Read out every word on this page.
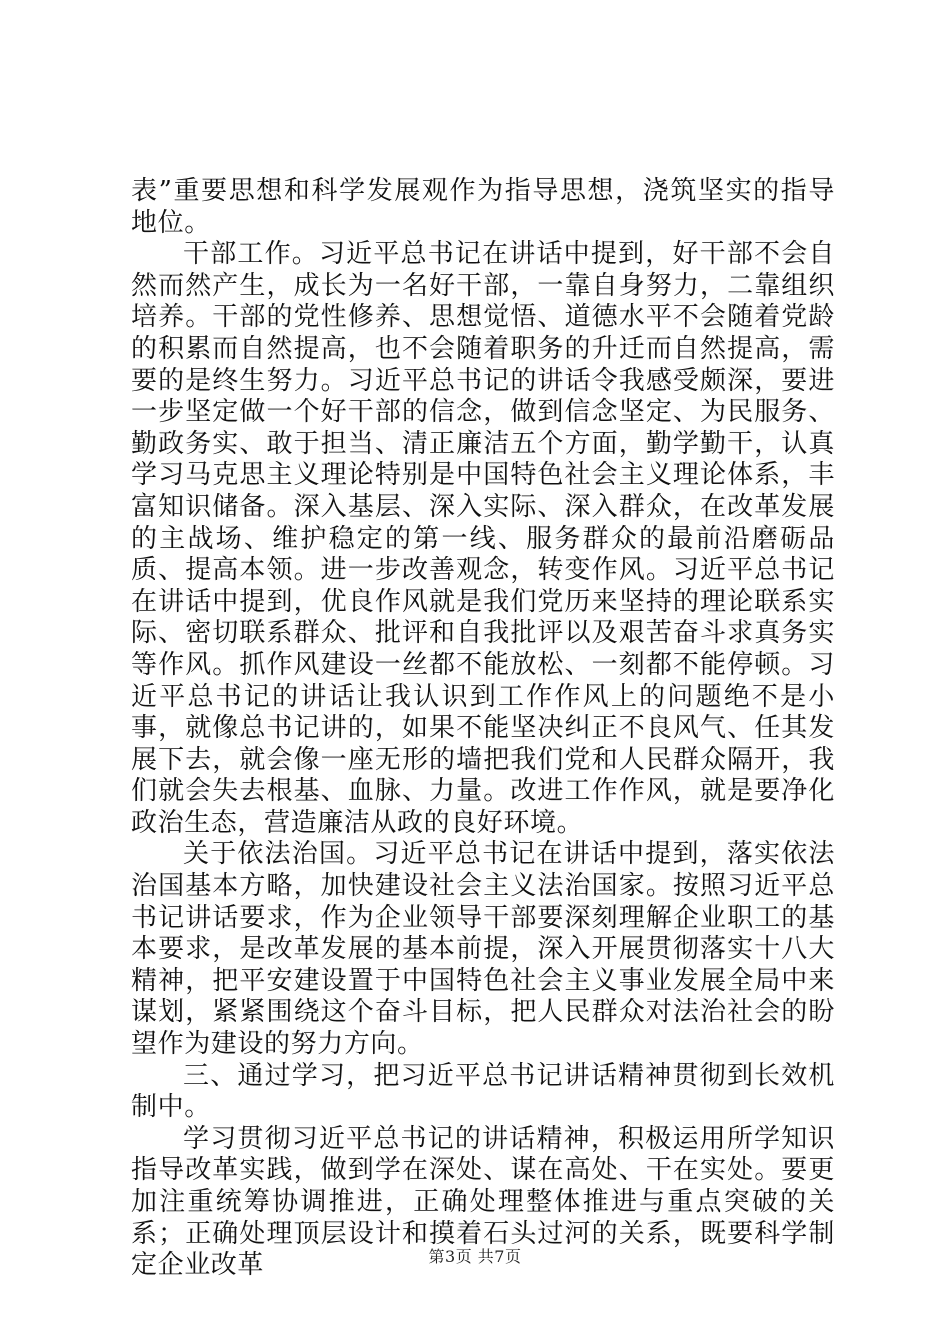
表”重要思想和科学发展观作为指导思想，浇筑坚实的指导地位。

干部工作。习近平总书记在讲话中提到，好干部不会自然而然产生，成长为一名好干部，一靠自身努力，二靠组织培养。干部的党性修养、思想觉悟、道德水平不会随着党龄的积累而自然提高，也不会随着职务的升迁而自然提高，需要的是终生努力。习近平总书记的讲话令我感受颇深，要进一步坚定做一个好干部的信念，做到信念坚定、为民服务、勤政务实、敢于担当、清正廉洁五个方面，勤学勤干，认真学习马克思主义理论特别是中国特色社会主义理论体系，丰富知识储备。深入基层、深入实际、深入群众，在改革发展的主战场、维护稳定的第一线、服务群众的最前沿磨砺品质、提高本领。进一步改善观念，转变作风。习近平总书记在讲话中提到，优良作风就是我们党历来坚持的理论联系实际、密切联系群众、批评和自我批评以及艰苦奋斗求真务实等作风。抓作风建设一丝都不能放松、一刻都不能停顿。习近平总书记的讲话让我认识到工作作风上的问题绝不是小事，就像总书记讲的，如果不能坚决纠正不良风气、任其发展下去，就会像一座无形的墙把我们党和人民群众隔开，我们就会失去根基、血脉、力量。改进工作作风，就是要净化政治生态，营造廉洁从政的良好环境。

关于依法治国。习近平总书记在讲话中提到，落实依法治国基本方略，加快建设社会主义法治国家。按照习近平总书记讲话要求，作为企业领导干部要深刻理解企业职工的基本要求，是改革发展的基本前提，深入开展贯彻落实十八大精神，把平安建设置于中国特色社会主义事业发展全局中来谋划，紧紧围绕这个奋斗目标，把人民群众对法治社会的盼望作为建设的努力方向。

三、通过学习，把习近平总书记讲话精神贯彻到长效机制中。

学习贯彻习近平总书记的讲话精神，积极运用所学知识指导改革实践，做到学在深处、谋在高处、干在实处。要更加注重统筹协调推进，正确处理整体推进与重点突破的关系；正确处理顶层设计和摸着石头过河的关系，既要科学制定企业改革	第3页 共7页
